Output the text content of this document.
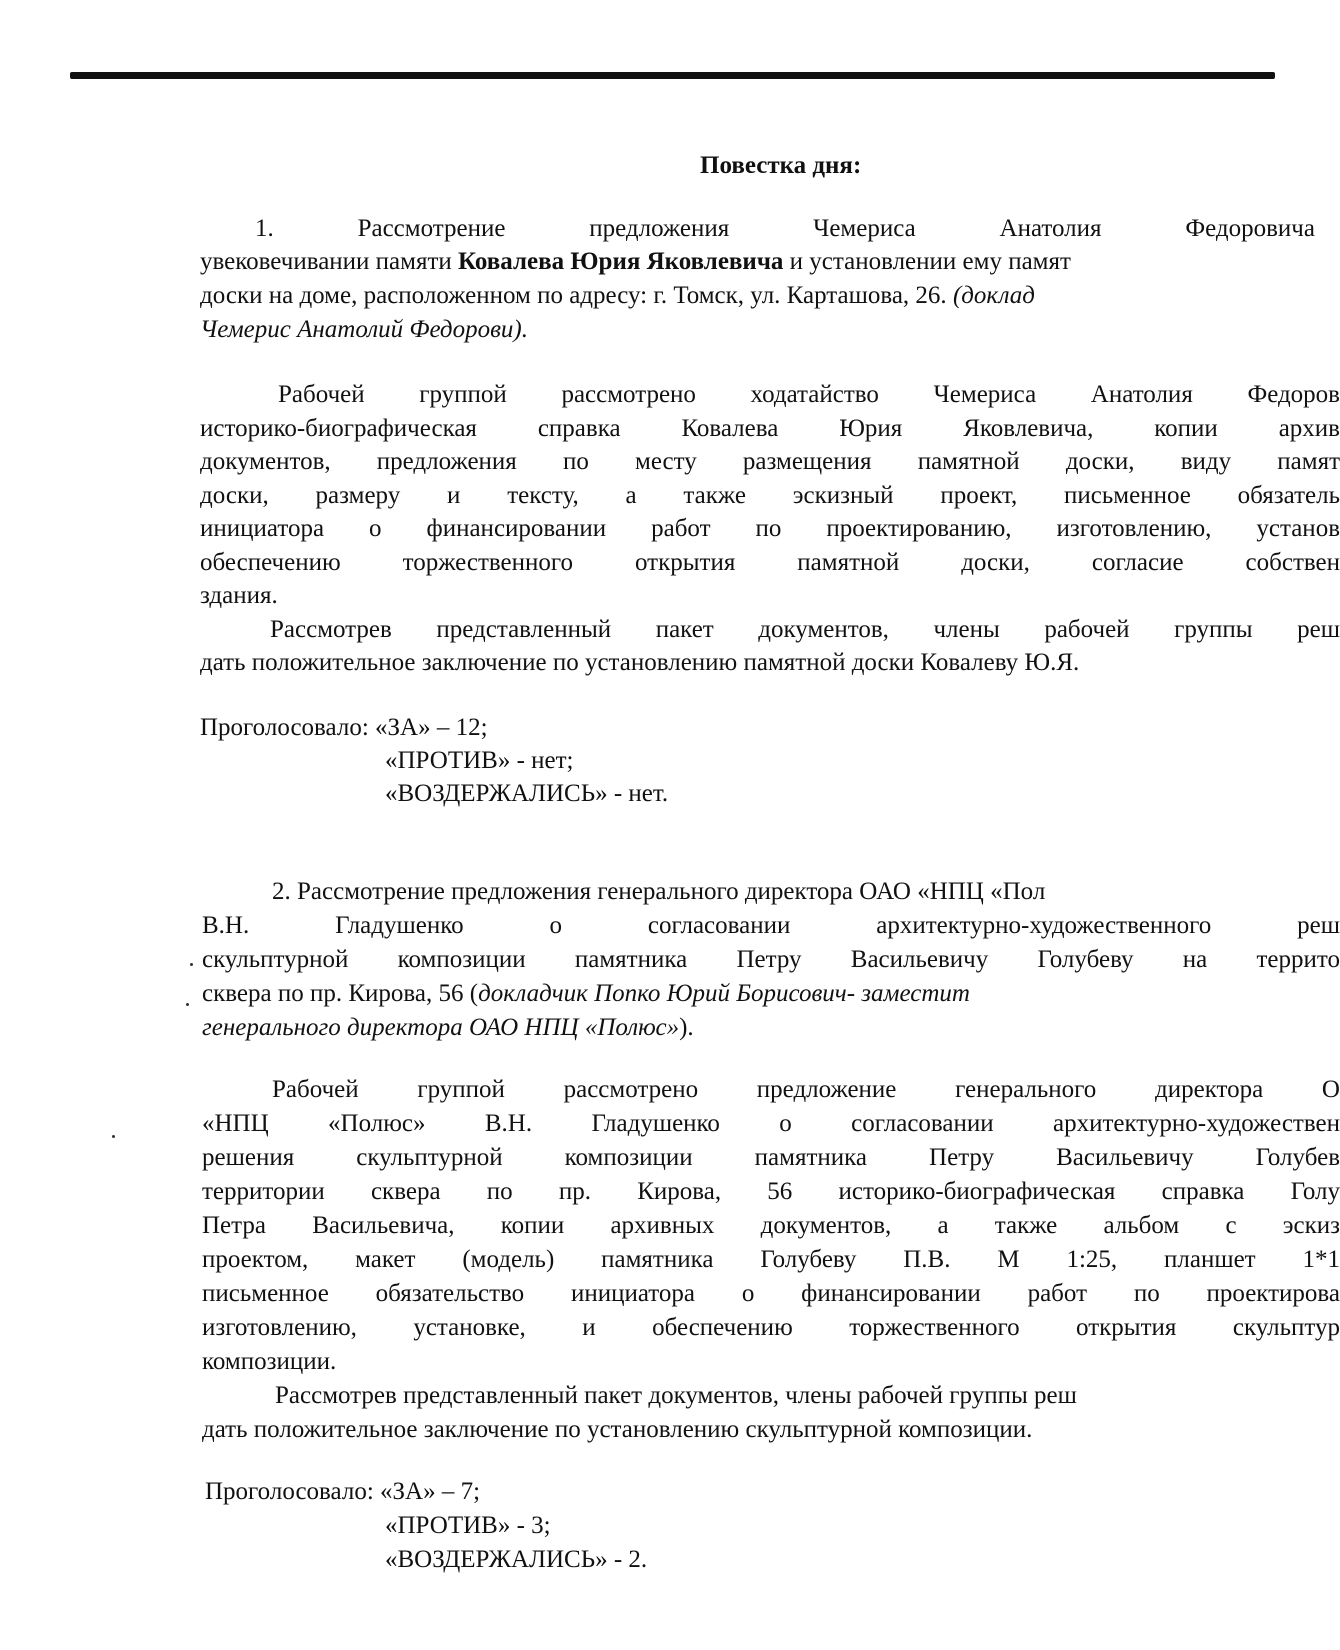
Повестка дня:
1.	Рассмотрение	предложения	Чемериса	Анатолия	Федоровича
увековечивании памяти Ковалева Юрия Яковлевича и установлении ему памят
доски на доме, расположенном по адресу: г. Томск, ул. Карташова, 26. (доклад
Чемерис Анатолий Федорови).
Рабочей группой рассмотрено ходатайство Чемериса Анатолия Федоров
историко-биографическая справка Ковалева Юрия Яковлевича, копии архив
документов, предложения по месту размещения памятной доски, виду памят
доски, размеру и тексту, а также эскизный проект, письменное обязатель
инициатора о финансировании работ по проектированию, изготовлению, установ
обеспечению торжественного открытия памятной доски, согласие собствен
здания.
Рассмотрев представленный пакет документов, члены рабочей группы реш
дать положительное заключение по установлению памятной доски Ковалеву Ю.Я.
Проголосовало: «ЗА» – 12;
«ПРОТИВ» - нет;
«ВОЗДЕРЖАЛИСЬ» - нет.
2. Рассмотрение предложения генерального директора ОАО «НПЦ «Пол
В.Н. Гладушенко о согласовании архитектурно-художественного реш
скульптурной композиции памятника Петру Васильевичу Голубеву на террито
сквера по пр. Кирова, 56 (докладчик Попко Юрий Борисович- заместит
генерального директора ОАО НПЦ «Полюс»).
Рабочей группой рассмотрено предложение генерального директора О
«НПЦ «Полюс» В.Н. Гладушенко о согласовании архитектурно-художествен
решения скульптурной композиции памятника Петру Васильевичу Голубев
территории сквера по пр. Кирова, 56 историко-биографическая справка Голу
Петра Васильевича, копии архивных документов, а также альбом с эскиз
проектом, макет (модель) памятника Голубеву П.В. М 1:25, планшет 1*1
письменное обязательство инициатора о финансировании работ по проектирова
изготовлению, установке, и обеспечению торжественного открытия скульптур
композиции.
Рассмотрев представленный пакет документов, члены рабочей группы реш
дать положительное заключение по установлению скульптурной композиции.
Проголосовало: «ЗА» – 7;
«ПРОТИВ» - 3;
«ВОЗДЕРЖАЛИСЬ» - 2.
